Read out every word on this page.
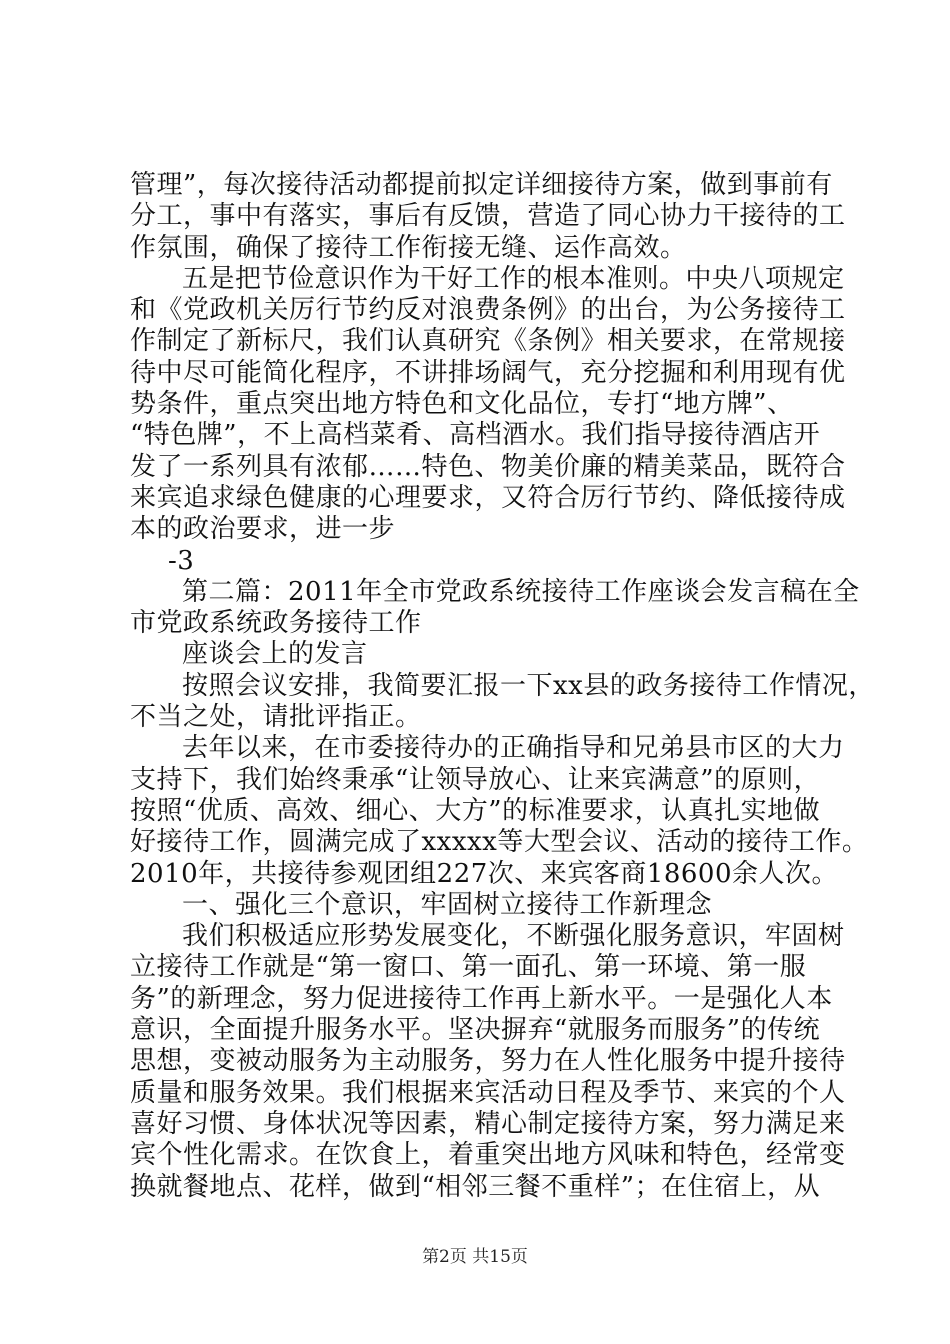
管理”，每次接待活动都提前拟定详细接待方案，做到事前有
分工，事中有落实，事后有反馈，营造了同心协力干接待的工
作氛围，确保了接待工作衔接无缝、运作高效。
五是把节俭意识作为干好工作的根本准则。中央八项规定
和《党政机关厉行节约反对浪费条例》的出台，为公务接待工
作制定了新标尺，我们认真研究《条例》相关要求，在常规接
待中尽可能简化程序，不讲排场阔气，充分挖掘和利用现有优
势条件，重点突出地方特色和文化品位，专打“地方牌”、
“特色牌”，不上高档菜肴、高档酒水。我们指导接待酒店开
发了一系列具有浓郁……特色、物美价廉的精美菜品，既符合
来宾追求绿色健康的心理要求，又符合厉行节约、降低接待成
本的政治要求，进一步
-3
第二篇：2011年全市党政系统接待工作座谈会发言稿在全
市党政系统政务接待工作
座谈会上的发言
按照会议安排，我简要汇报一下xx县的政务接待工作情况，
不当之处，请批评指正。
去年以来，在市委接待办的正确指导和兄弟县市区的大力
支持下，我们始终秉承“让领导放心、让来宾满意”的原则，
按照“优质、高效、细心、大方”的标准要求，认真扎实地做
好接待工作，圆满完成了xxxxx等大型会议、活动的接待工作。
2010年，共接待参观团组227次、来宾客商18600余人次。
一、强化三个意识，牢固树立接待工作新理念
我们积极适应形势发展变化，不断强化服务意识，牢固树
立接待工作就是“第一窗口、第一面孔、第一环境、第一服
务”的新理念，努力促进接待工作再上新水平。一是强化人本
意识，全面提升服务水平。坚决摒弃“就服务而服务”的传统
思想，变被动服务为主动服务，努力在人性化服务中提升接待
质量和服务效果。我们根据来宾活动日程及季节、来宾的个人
喜好习惯、身体状况等因素，精心制定接待方案，努力满足来
宾个性化需求。在饮食上，着重突出地方风味和特色，经常变
换就餐地点、花样，做到“相邻三餐不重样”；在住宿上，从
第2页 共15页
